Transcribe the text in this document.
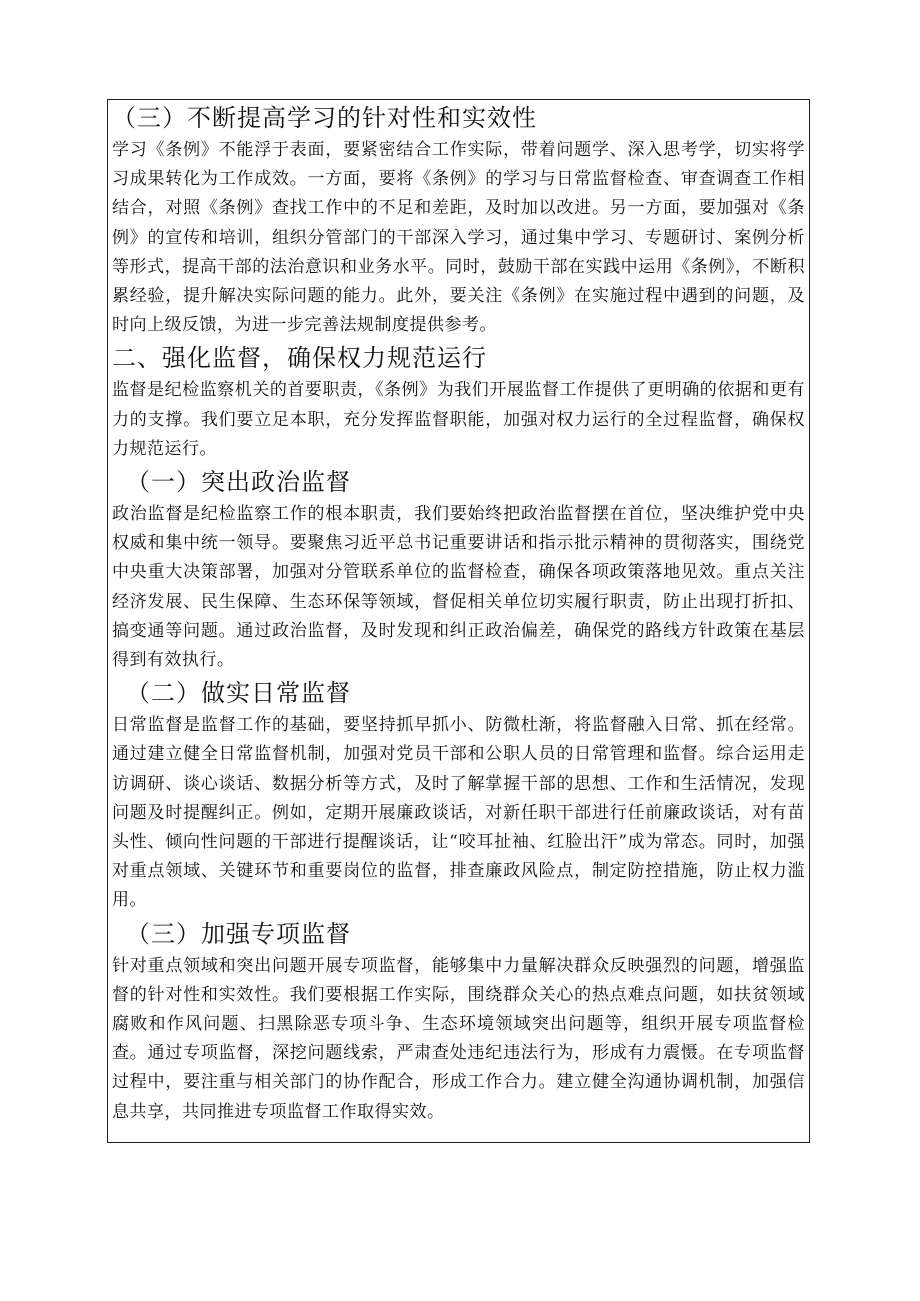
（三）不断提高学习的针对性和实效性

学习《条例》不能浮于表面，要紧密结合工作实际，带着问题学、深入思考学，切实将学习成果转化为工作成效。一方面，要将《条例》的学习与日常监督检查、审查调查工作相结合，对照《条例》查找工作中的不足和差距，及时加以改进。另一方面，要加强对《条例》的宣传和培训，组织分管部门的干部深入学习，通过集中学习、专题研讨、案例分析等形式，提高干部的法治意识和业务水平。同时，鼓励干部在实践中运用《条例》，不断积累经验，提升解决实际问题的能力。此外，要关注《条例》在实施过程中遇到的问题，及时向上级反馈，为进一步完善法规制度提供参考。

二、强化监督，确保权力规范运行

监督是纪检监察机关的首要职责，《条例》为我们开展监督工作提供了更明确的依据和更有力的支撑。我们要立足本职，充分发挥监督职能，加强对权力运行的全过程监督，确保权力规范运行。

（一）突出政治监督

政治监督是纪检监察工作的根本职责，我们要始终把政治监督摆在首位，坚决维护党中央权威和集中统一领导。要聚焦习近平总书记重要讲话和指示批示精神的贯彻落实，围绕党中央重大决策部署，加强对分管联系单位的监督检查，确保各项政策落地见效。重点关注经济发展、民生保障、生态环保等领域，督促相关单位切实履行职责，防止出现打折扣、搞变通等问题。通过政治监督，及时发现和纠正政治偏差，确保党的路线方针政策在基层得到有效执行。

（二）做实日常监督

日常监督是监督工作的基础，要坚持抓早抓小、防微杜渐，将监督融入日常、抓在经常。通过建立健全日常监督机制，加强对党员干部和公职人员的日常管理和监督。综合运用走访调研、谈心谈话、数据分析等方式，及时了解掌握干部的思想、工作和生活情况，发现问题及时提醒纠正。例如，定期开展廉政谈话，对新任职干部进行任前廉政谈话，对有苗头性、倾向性问题的干部进行提醒谈话，让“咬耳扯袖、红脸出汗”成为常态。同时，加强对重点领域、关键环节和重要岗位的监督，排查廉政风险点，制定防控措施，防止权力滥用。

（三）加强专项监督

针对重点领域和突出问题开展专项监督，能够集中力量解决群众反映强烈的问题，增强监督的针对性和实效性。我们要根据工作实际，围绕群众关心的热点难点问题，如扶贫领域腐败和作风问题、扫黑除恶专项斗争、生态环境领域突出问题等，组织开展专项监督检查。通过专项监督，深挖问题线索，严肃查处违纪违法行为，形成有力震慑。在专项监督过程中，要注重与相关部门的协作配合，形成工作合力。建立健全沟通协调机制，加强信息共享，共同推进专项监督工作取得实效。
